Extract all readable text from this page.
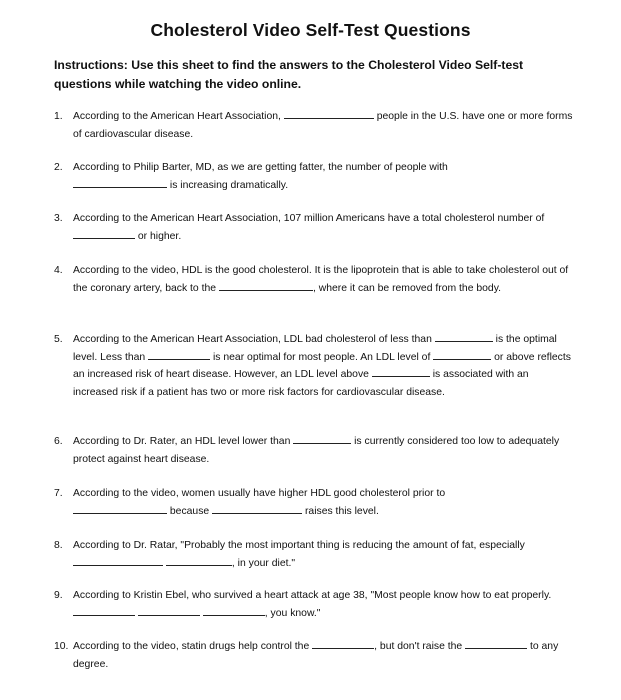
Cholesterol Video Self-Test Questions
Instructions: Use this sheet to find the answers to the Cholesterol Video Self-test questions while watching the video online.
1. According to the American Heart Association,	people in the U.S. have one or more forms of cardiovascular disease.
2. According to Philip Barter, MD, as we are getting fatter, the number of people with
is increasing dramatically.
3. According to the American Heart Association, 107 million Americans have a total cholesterol number of  or higher.
4. According to the video, HDL is the good cholesterol. It is the lipoprotein that is able to take cholesterol out of the coronary artery, back to the	, where it can be removed from the body.
5. According to the American Heart Association, LDL bad cholesterol of less than	is the optimal level. Less than	is near optimal for most people. An LDL level of	or above reflects an increased risk of heart disease. However, an LDL level above	is associated with an increased risk if a patient has two or more risk factors for cardiovascular disease.
6. According to Dr. Rater, an HDL level lower than	is currently considered too low to adequately protect against heart disease.
7. According to the video, women usually have higher HDL good cholesterol prior to
because	raises this level.
8. According to Dr. Ratar, "Probably the most important thing is reducing the amount of fat, especially
, in your diet."
9. According to Kristin Ebel, who survived a heart attack at age 38, "Most people know how to eat properly.   , you know."
10. According to the video, statin drugs help control the	, but don't raise the	to any degree.
